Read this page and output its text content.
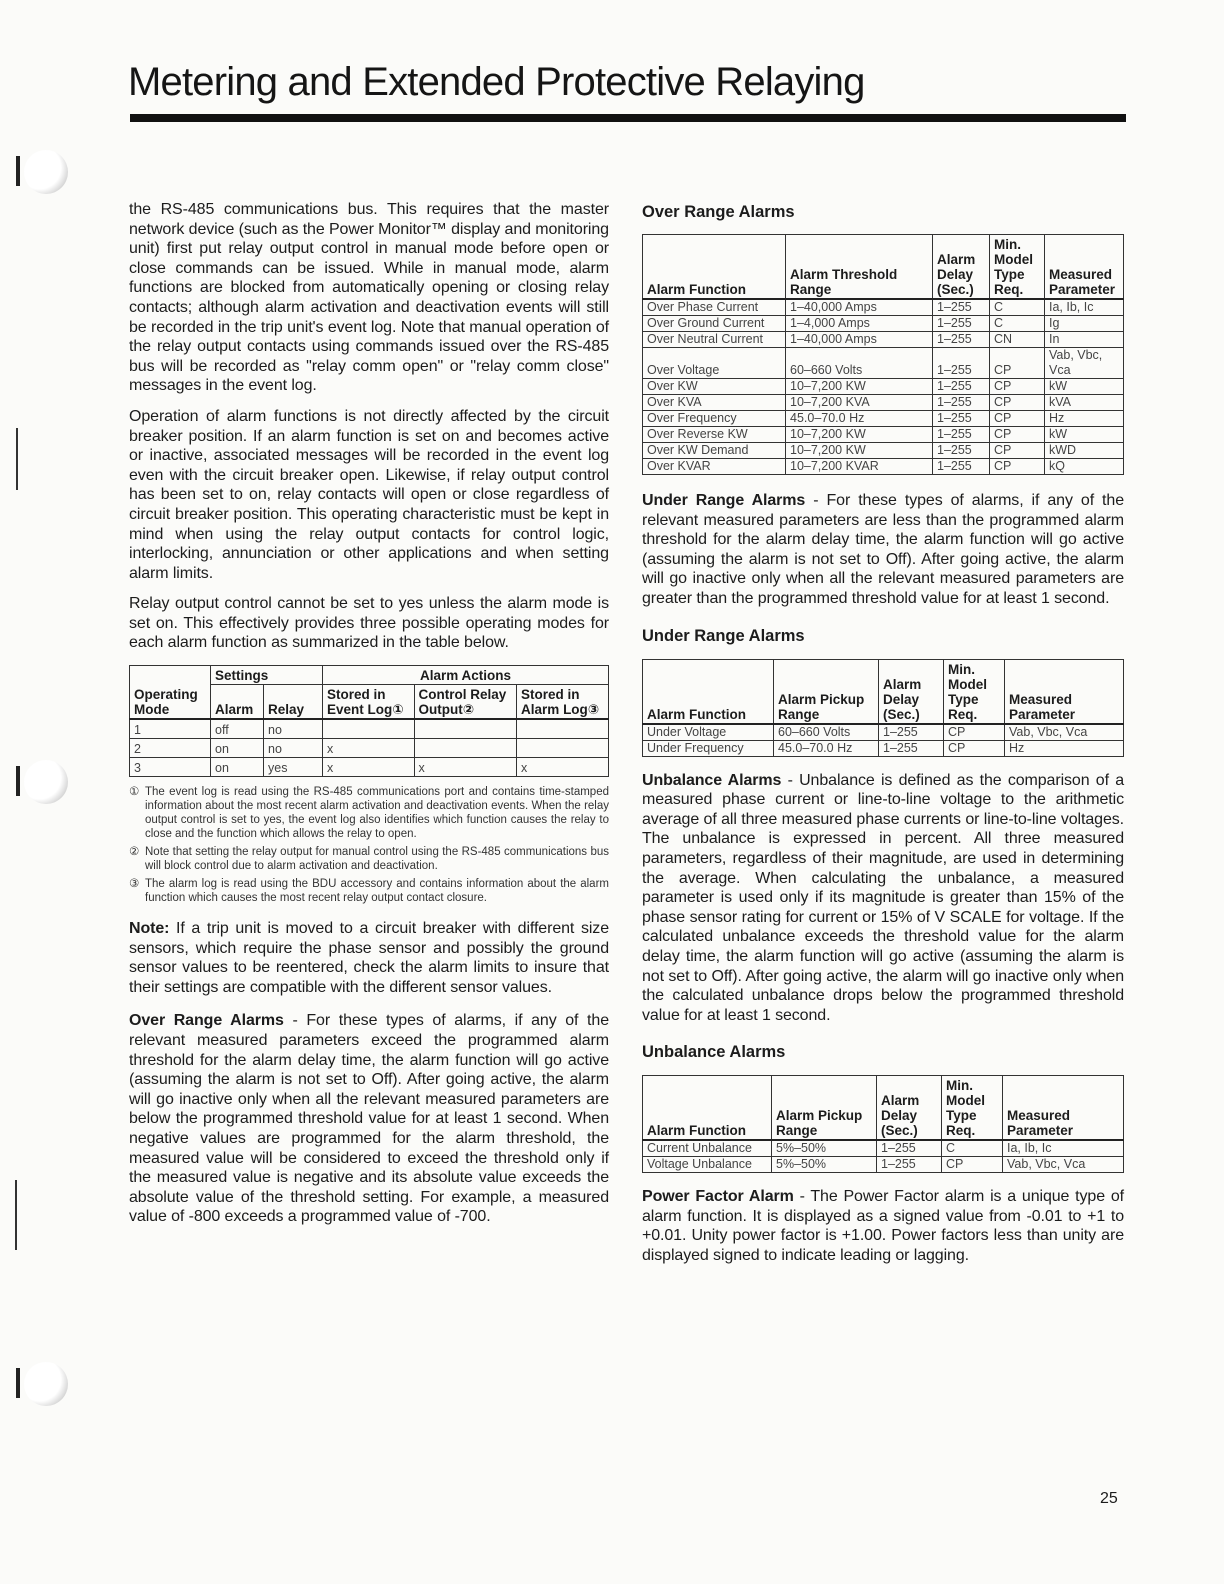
Metering and Extended Protective Relaying

the RS-485 communications bus. This requires that the master network device (such as the Power Monitor™ display and monitoring unit) first put relay output control in manual mode before open or close commands can be issued. While in manual mode, alarm functions are blocked from automatically opening or closing relay contacts; although alarm activation and deactivation events will still be recorded in the trip unit's event log. Note that manual operation of the relay output contacts using commands issued over the RS-485 bus will be recorded as "relay comm open" or "relay comm close" messages in the event log.

Operation of alarm functions is not directly affected by the circuit breaker position. If an alarm function is set on and becomes active or inactive, associated messages will be recorded in the event log even with the circuit breaker open. Likewise, if relay output control has been set to on, relay contacts will open or close regardless of circuit breaker position. This operating characteristic must be kept in mind when using the relay output contacts for control logic, interlocking, annunciation or other applications and when setting alarm limits.

Relay output control cannot be set to yes unless the alarm mode is set on. This effectively provides three possible operating modes for each alarm function as summarized in the table below.

	Settings		Alarm Actions		
Operating Mode	Alarm	Relay	Stored in Event Log①	Control Relay Output②	Stored in Alarm Log③
1	off	no			
2	on	no	x		
3	on	yes	x	x	x

① The event log is read using the RS-485 communications port and contains time-stamped information about the most recent alarm activation and deactivation events. When the relay output control is set to yes, the event log also identifies which function causes the relay to close and the function which allows the relay to open.

② Note that setting the relay output for manual control using the RS-485 communications bus will block control due to alarm activation and deactivation.

③ The alarm log is read using the BDU accessory and contains information about the alarm function which causes the most recent relay output contact closure.

Note: If a trip unit is moved to a circuit breaker with different size sensors, which require the phase sensor and possibly the ground sensor values to be reentered, check the alarm limits to insure that their settings are compatible with the different sensor values.

Over Range Alarms - For these types of alarms, if any of the relevant measured parameters exceed the programmed alarm threshold for the alarm delay time, the alarm function will go active (assuming the alarm is not set to Off). After going active, the alarm will go inactive only when all the relevant measured parameters are below the programmed threshold value for at least 1 second. When negative values are programmed for the alarm threshold, the measured value will be considered to exceed the threshold only if the measured value is negative and its absolute value exceeds the absolute value of the threshold setting. For example, a measured value of -800 exceeds a programmed value of -700.

Over Range Alarms
Alarm Function	Alarm Threshold Range	Alarm Delay (Sec.)	Min. Model Type Req.	Measured Parameter
Over Phase Current	1–40,000 Amps	1–255	C	Ia, Ib, Ic
Over Ground Current	1–4,000 Amps	1–255	C	Ig
Over Neutral Current	1–40,000 Amps	1–255	CN	In
Over Voltage	60–660 Volts	1–255	CP	Vab, Vbc, Vca
Over KW	10–7,200 KW	1–255	CP	kW
Over KVA	10–7,200 KVA	1–255	CP	kVA
Over Frequency	45.0–70.0 Hz	1–255	CP	Hz
Over Reverse KW	10–7,200 KW	1–255	CP	kW
Over KW Demand	10–7,200 KW	1–255	CP	kWD
Over KVAR	10–7,200 KVAR	1–255	CP	kQ

Under Range Alarms - For these types of alarms, if any of the relevant measured parameters are less than the programmed alarm threshold for the alarm delay time, the alarm function will go active (assuming the alarm is not set to Off). After going active, the alarm will go inactive only when all the relevant measured parameters are greater than the programmed threshold value for at least 1 second.

Under Range Alarms
Alarm Function	Alarm Pickup Range	Alarm Delay (Sec.)	Min. Model Type Req.	Measured Parameter
Under Voltage	60–660 Volts	1–255	CP	Vab, Vbc, Vca
Under Frequency	45.0–70.0 Hz	1–255	CP	Hz

Unbalance Alarms - Unbalance is defined as the comparison of a measured phase current or line-to-line voltage to the arithmetic average of all three measured phase currents or line-to-line voltages. The unbalance is expressed in percent. All three measured parameters, regardless of their magnitude, are used in determining the average. When calculating the unbalance, a measured parameter is used only if its magnitude is greater than 15% of the phase sensor rating for current or 15% of V SCALE for voltage. If the calculated unbalance exceeds the threshold value for the alarm delay time, the alarm function will go active (assuming the alarm is not set to Off). After going active, the alarm will go inactive only when the calculated unbalance drops below the programmed threshold value for at least 1 second.

Unbalance Alarms
Alarm Function	Alarm Pickup Range	Alarm Delay (Sec.)	Min. Model Type Req.	Measured Parameter
Current Unbalance	5%–50%	1–255	C	Ia, Ib, Ic
Voltage Unbalance	5%–50%	1–255	CP	Vab, Vbc, Vca

Power Factor Alarm - The Power Factor alarm is a unique type of alarm function. It is displayed as a signed value from -0.01 to +1 to +0.01. Unity power factor is +1.00. Power factors less than unity are displayed signed to indicate leading or lagging.

25
